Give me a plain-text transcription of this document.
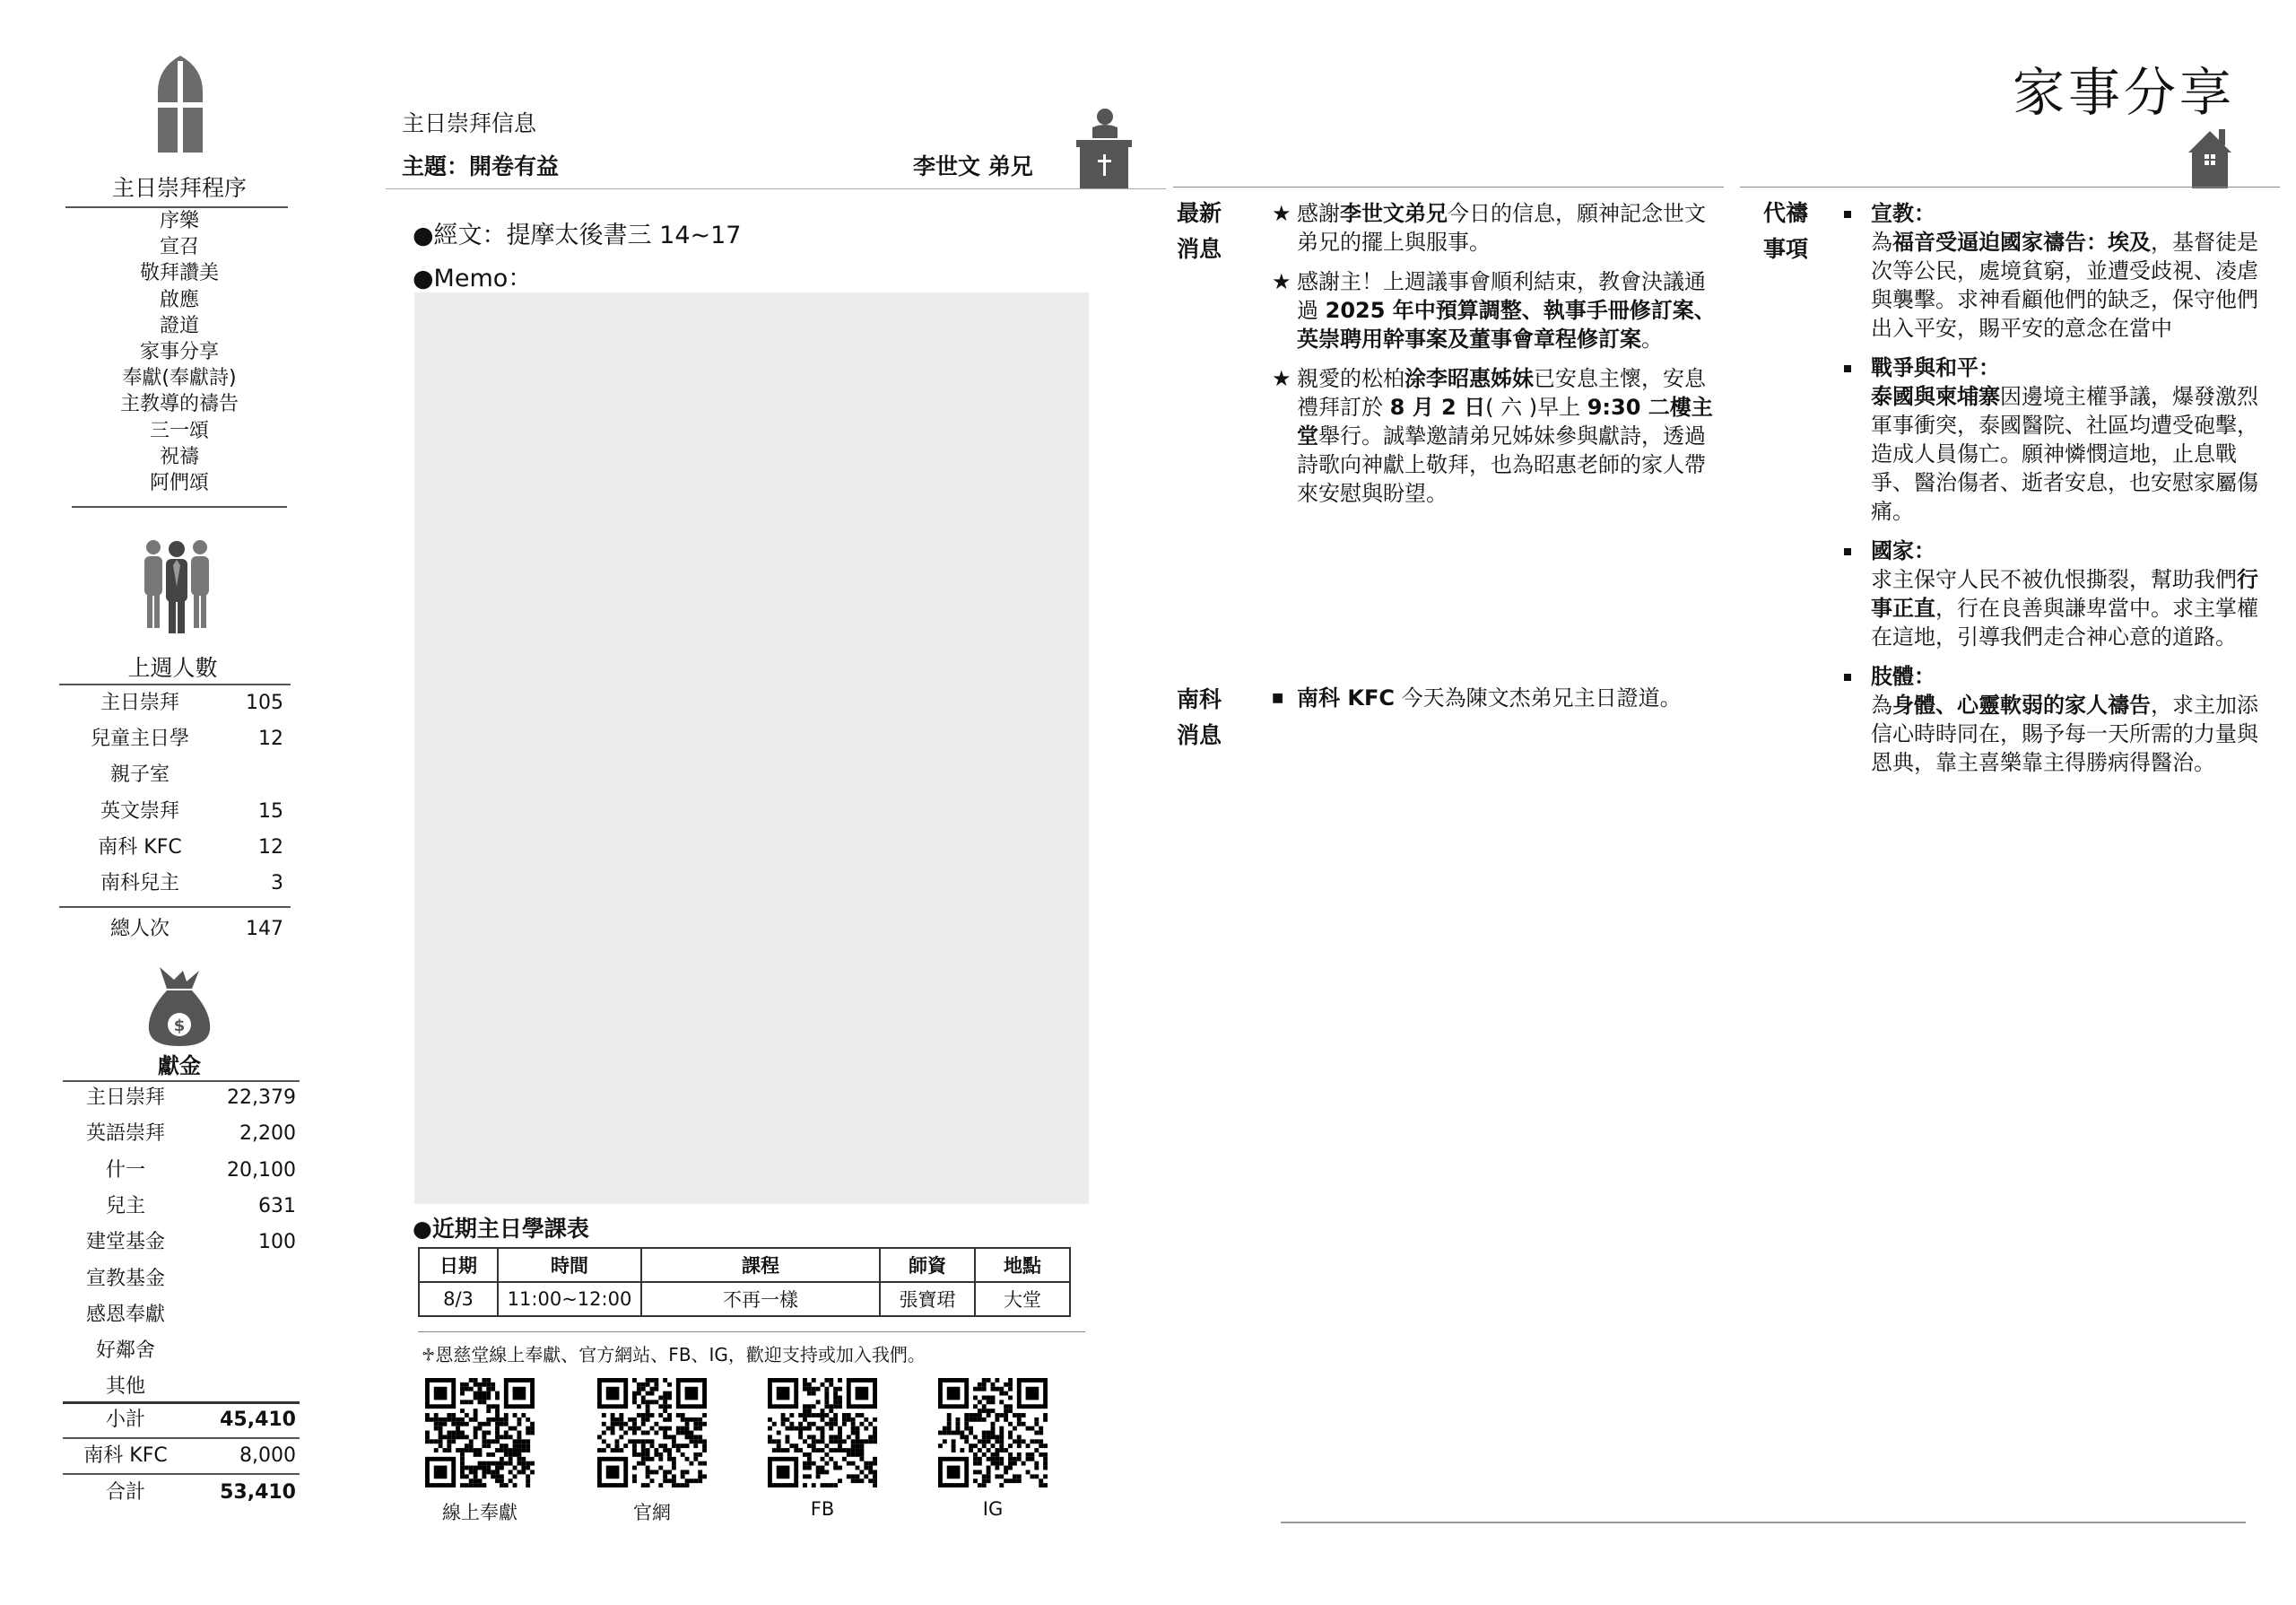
主日崇拜程序
序樂
宣召
敬拜讚美
啟應
證道
家事分享
奉獻(奉獻詩)
主教導的禱告
三一頌
祝禱
阿們頌
上週人數
主日崇拜	105
兒童主日學	12
親子室
英文崇拜	15
南科 KFC	12
南科兒主	3
總人次	147
$
獻金
主日崇拜	22,379
英語崇拜	2,200
什一	20,100
兒主	631
建堂基金	100
宣教基金
感恩奉獻
好鄰舍
其他
小計	45,410
南科 KFC	8,000
合計	53,410
主日崇拜信息
主題：開卷有益	李世文 弟兄
●經文：提摩太後書三 14~17
●Memo：
●近期主日學課表
日期	時間	課程	師資	地點
8/3	11:00~12:00	不再一樣	張寶珺	大堂
♱恩慈堂線上奉獻、官方網站、FB、IG，歡迎支持或加入我們。
線上奉獻	官網	FB	IG
家事分享
最新
消息
★ 感謝李世文弟兄今日的信息，願神記念世文弟兄的擺上與服事。
★ 感謝主！上週議事會順利結束，教會決議通過 2025 年中預算調整、執事手冊修訂案、英崇聘用幹事案及董事會章程修訂案。
★ 親愛的松柏涂李昭惠姊妹已安息主懷，安息禮拜訂於 8 月 2 日( 六 )早上 9:30 二樓主堂舉行。誠摯邀請弟兄姊妹參與獻詩，透過詩歌向神獻上敬拜，也為昭惠老師的家人帶來安慰與盼望。
南科
消息
■ 南科 KFC 今天為陳文杰弟兄主日證道。
代禱
事項
宣教：
為福音受逼迫國家禱告：埃及，基督徒是次等公民，處境貧窮，並遭受歧視、凌虐與襲擊。求神看顧他們的缺乏，保守他們出入平安，賜平安的意念在當中
戰爭與和平：
泰國與柬埔寨因邊境主權爭議，爆發激烈軍事衝突，泰國醫院、社區均遭受砲擊，造成人員傷亡。願神憐憫這地，止息戰爭、醫治傷者、逝者安息，也安慰家屬傷痛。
國家：
求主保守人民不被仇恨撕裂，幫助我們行事正直，行在良善與謙卑當中。求主掌權在這地，引導我們走合神心意的道路。
肢體：
為身體、心靈軟弱的家人禱告，求主加添信心時時同在，賜予每一天所需的力量與恩典，靠主喜樂靠主得勝病得醫治。
